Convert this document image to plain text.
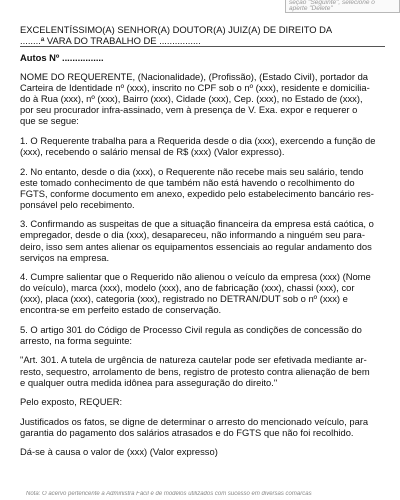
seção "Seguinte", selecione o
aperte "Delete"
EXCELENTÍSSIMO(A) SENHOR(A) DOUTOR(A) JUIZ(A) DE DIREITO DA
........ª VARA DO TRABALHO DE ................
Autos Nº ................
NOME DO REQUERENTE, (Nacionalidade), (Profissão), (Estado Civil), portador da
Carteira de Identidade nº (xxx), inscrito no CPF sob o nº (xxx), residente e domicilia-
do à Rua (xxx), nº (xxx), Bairro (xxx), Cidade (xxx), Cep. (xxx), no Estado de (xxx),
por seu procurador infra-assinado, vem à presença de V. Exa. expor e requerer o
que se segue:
1. O Requerente trabalha para a Requerida desde o dia (xxx), exercendo a função de
(xxx), recebendo o salário mensal de R$ (xxx) (Valor expresso).
2. No entanto, desde o dia (xxx), o Requerente não recebe mais seu salário, tendo
este tomado conhecimento de que também não está havendo o recolhimento do
FGTS, conforme documento em anexo, expedido pelo estabelecimento bancário res-
ponsável pelo recebimento.
3. Confirmando as suspeitas de que a situação financeira da empresa está caótica, o
empregador, desde o dia (xxx), desapareceu, não informando a ninguém seu para-
deiro, isso sem antes alienar os equipamentos essenciais ao regular andamento dos
serviços na empresa.
4. Cumpre salientar que o Requerido não alienou o veículo da empresa (xxx) (Nome
do veículo), marca (xxx), modelo (xxx), ano de fabricação (xxx), chassi (xxx), cor
(xxx), placa (xxx), categoria (xxx), registrado no DETRAN/DUT sob o nº (xxx) e
encontra-se em perfeito estado de conservação.
5. O artigo 301 do Código de Processo Civil regula as condições de concessão do
arresto, na forma seguinte:
"Art. 301. A tutela de urgência de natureza cautelar pode ser efetivada mediante ar-
resto, sequestro, arrolamento de bens, registro de protesto contra alienação de bem
e qualquer outra medida idônea para asseguração do direito."
Pelo exposto, REQUER:
Justificados os fatos, se digne de determinar o arresto do mencionado veículo, para
garantia do pagamento dos salários atrasados e do FGTS que não foi recolhido.
Dá-se à causa o valor de (xxx) (Valor expresso)
Nota: O acervo pertencente a Administra Fácil é de modelos utilizados com sucesso em diversas comarcas
